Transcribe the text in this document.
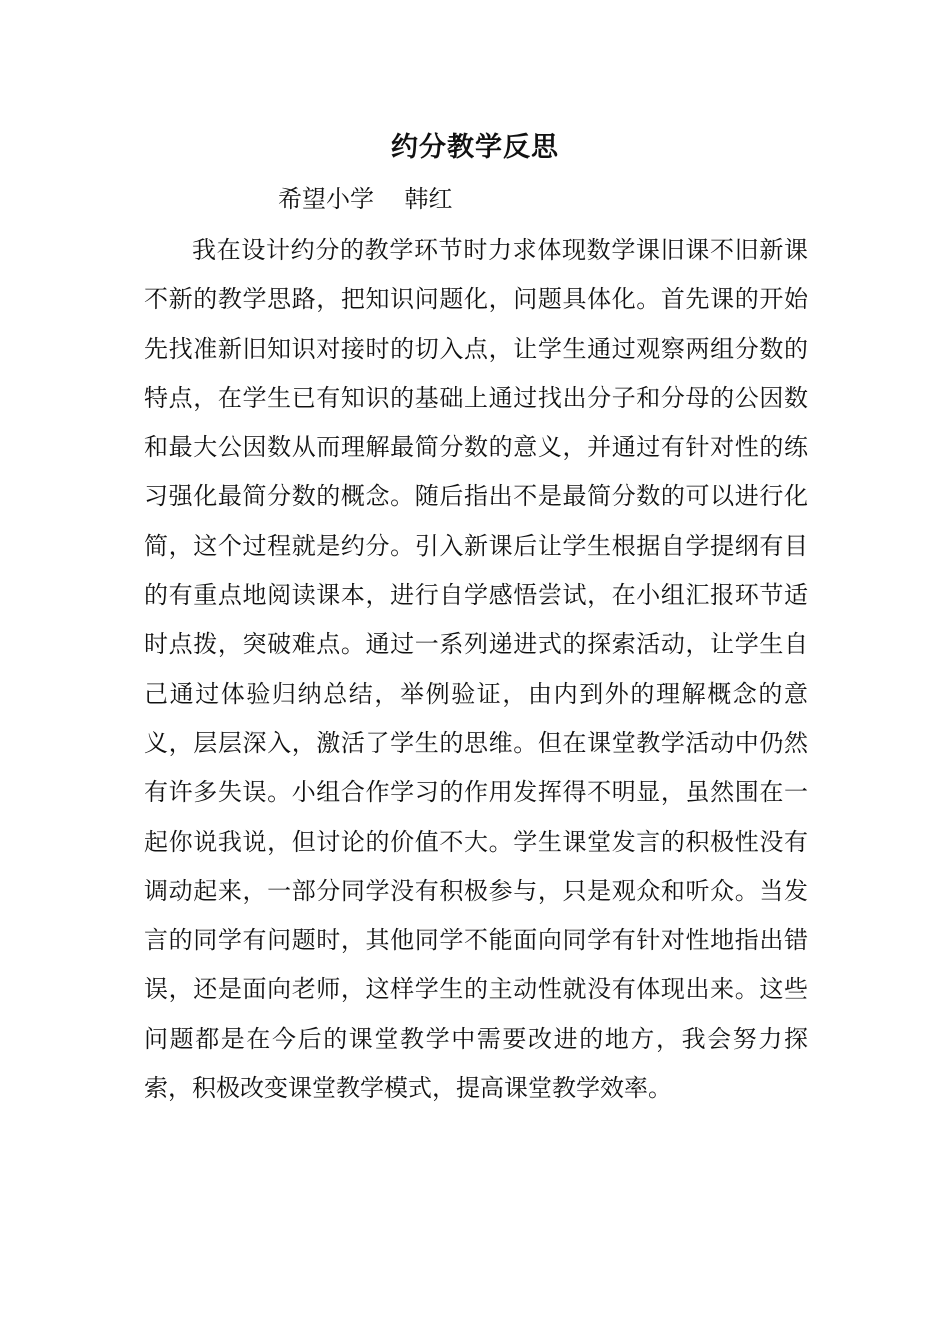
约分教学反思
希望小学    韩红

我在设计约分的教学环节时力求体现数学课旧课不旧新课不新的教学思路，把知识问题化，问题具体化。首先课的开始先找准新旧知识对接时的切入点，让学生通过观察两组分数的特点，在学生已有知识的基础上通过找出分子和分母的公因数和最大公因数从而理解最简分数的意义，并通过有针对性的练习强化最简分数的概念。随后指出不是最简分数的可以进行化简，这个过程就是约分。引入新课后让学生根据自学提纲有目的有重点地阅读课本，进行自学感悟尝试，在小组汇报环节适时点拨，突破难点。通过一系列递进式的探索活动，让学生自己通过体验归纳总结，举例验证，由内到外的理解概念的意义，层层深入，激活了学生的思维。但在课堂教学活动中仍然有许多失误。小组合作学习的作用发挥得不明显，虽然围在一起你说我说，但讨论的价值不大。学生课堂发言的积极性没有调动起来，一部分同学没有积极参与，只是观众和听众。当发言的同学有问题时，其他同学不能面向同学有针对性地指出错误，还是面向老师，这样学生的主动性就没有体现出来。这些问题都是在今后的课堂教学中需要改进的地方，我会努力探索，积极改变课堂教学模式，提高课堂教学效率。
